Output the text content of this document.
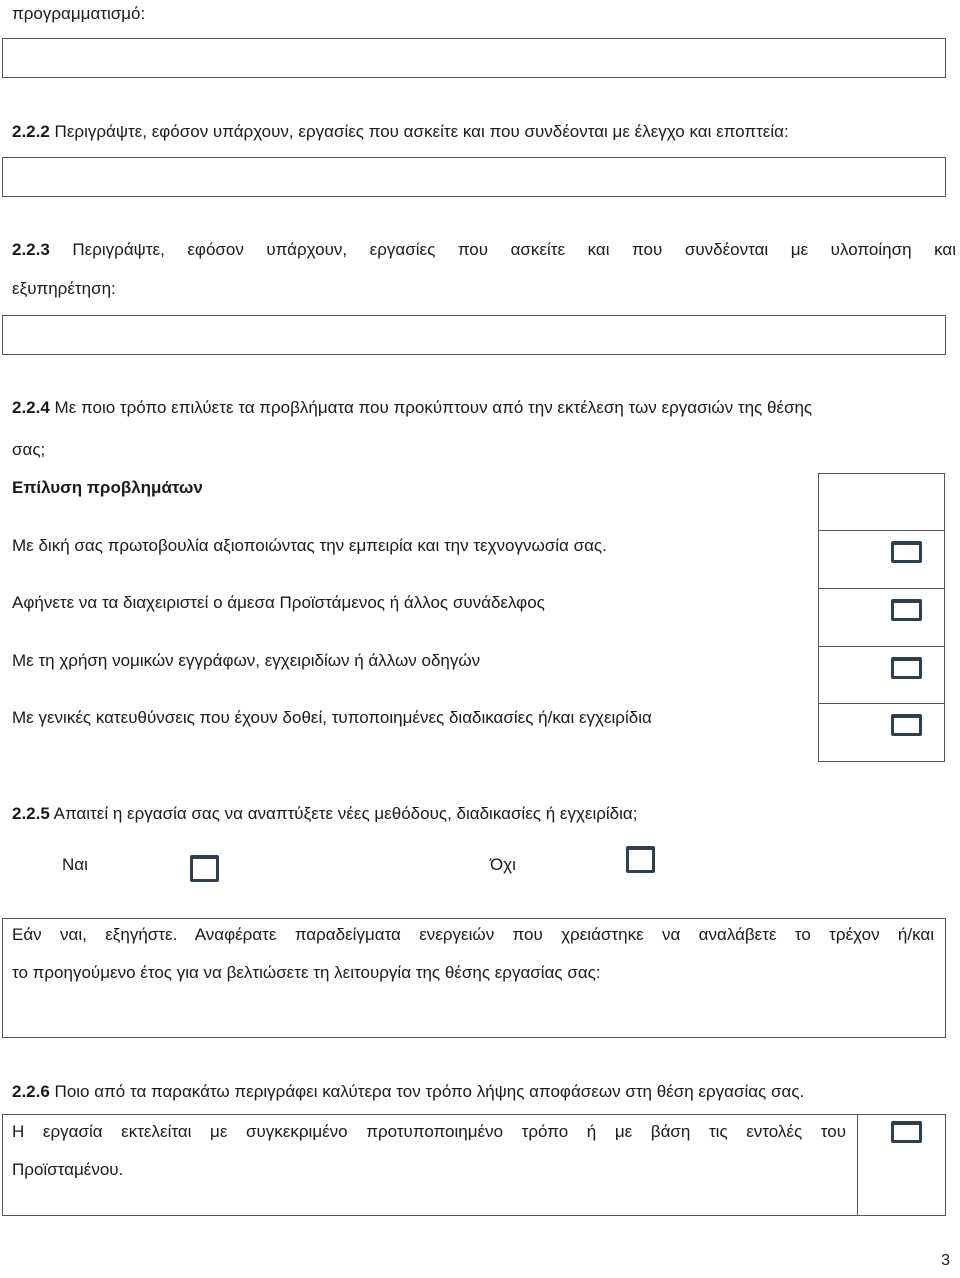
προγραμματισμό:
2.2.2 Περιγράψτε, εφόσον υπάρχουν, εργασίες που ασκείτε και που συνδέονται με έλεγχο και εποπτεία:
2.2.3 Περιγράψτε, εφόσον υπάρχουν, εργασίες που ασκείτε και που συνδέονται με υλοποίηση και
εξυπηρέτηση:
2.2.4 Με ποιο τρόπο επιλύετε τα προβλήματα που προκύπτουν από την εκτέλεση των εργασιών της θέσης
σας;
Επίλυση προβλημάτων
Με δική σας πρωτοβουλία αξιοποιώντας την εμπειρία και την τεχνογνωσία σας.
Αφήνετε να τα διαχειριστεί ο άμεσα Προϊστάμενος ή άλλος συνάδελφος
Με τη χρήση νομικών εγγράφων, εγχειριδίων ή άλλων οδηγών
Με γενικές κατευθύνσεις που έχουν δοθεί, τυποποιημένες διαδικασίες ή/και εγχειρίδια
2.2.5 Απαιτεί η εργασία σας να αναπτύξετε νέες μεθόδους, διαδικασίες ή εγχειρίδια;
Ναι	Όχι
Εάν ναι, εξηγήστε. Αναφέρατε παραδείγματα ενεργειών που χρειάστηκε να αναλάβετε το τρέχον ή/και
το προηγούμενο έτος για να βελτιώσετε τη λειτουργία της θέσης εργασίας σας:
2.2.6 Ποιο από τα παρακάτω περιγράφει καλύτερα τον τρόπο λήψης αποφάσεων στη θέση εργασίας σας.
Η εργασία εκτελείται με συγκεκριμένο προτυποποιημένο τρόπο ή με βάση τις εντολές του
Προϊσταμένου.
3
